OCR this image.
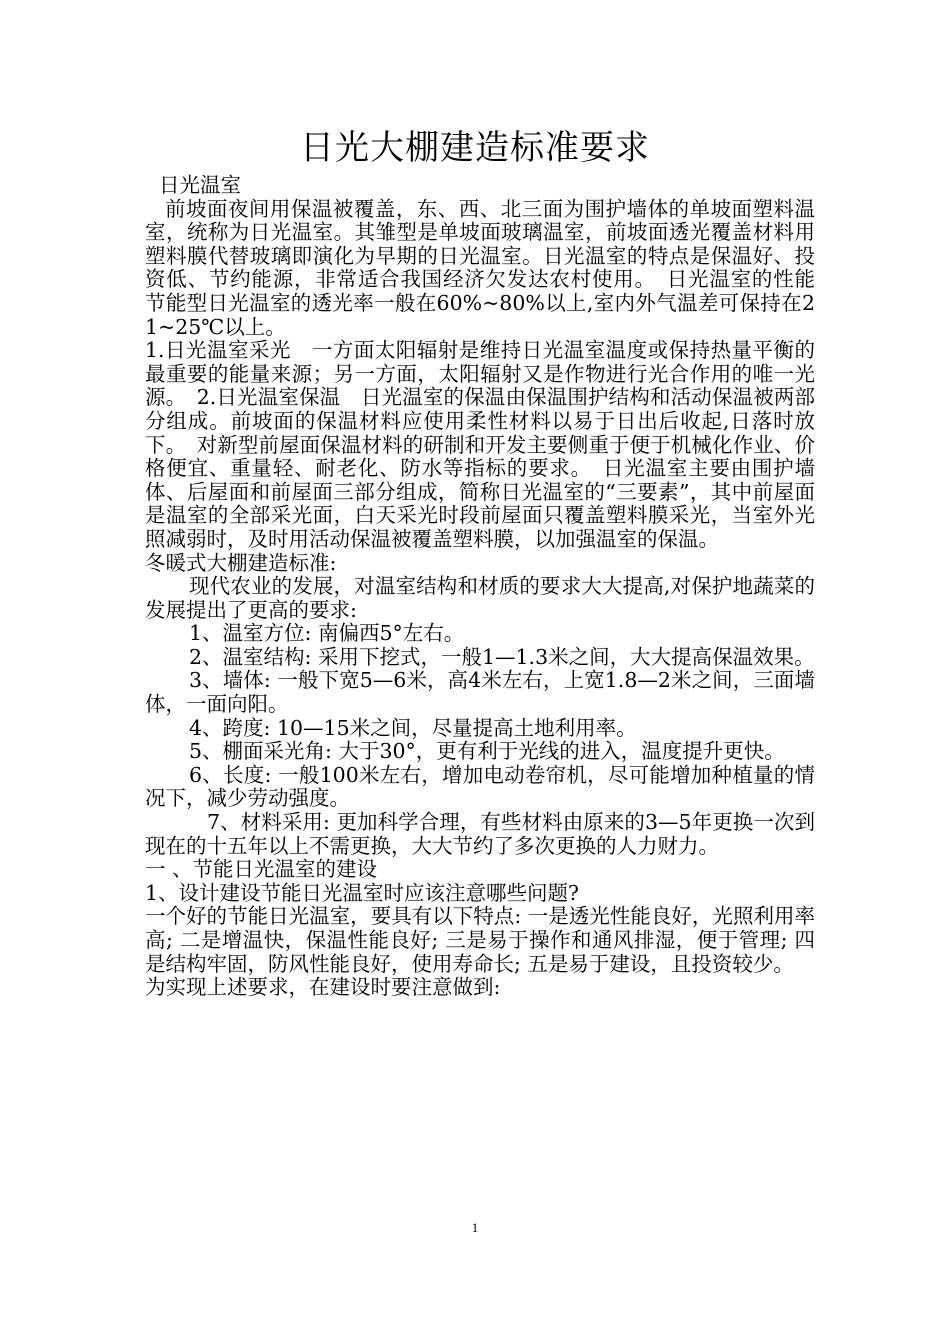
日光大棚建造标准要求

日光温室

前坡面夜间用保温被覆盖，东、西、北三面为围护墙体的单坡面塑料温室，统称为日光温室。其雏型是单坡面玻璃温室，前坡面透光覆盖材料用塑料膜代替玻璃即演化为早期的日光温室。日光温室的特点是保温好、投资低、节约能源，非常适合我国经济欠发达农村使用。　日光温室的性能　节能型日光温室的透光率一般在60%~80%以上,室内外气温差可保持在21~25℃以上。

1.日光温室采光　一方面太阳辐射是维持日光温室温度或保持热量平衡的最重要的能量来源；另一方面，太阳辐射又是作物进行光合作用的唯一光源。　2.日光温室保温　日光温室的保温由保温围护结构和活动保温被两部分组成。前坡面的保温材料应使用柔性材料以易于日出后收起,日落时放下。　对新型前屋面保温材料的研制和开发主要侧重于便于机械化作业、价格便宜、重量轻、耐老化、防水等指标的要求。　日光温室主要由围护墙体、后屋面和前屋面三部分组成，简称日光温室的“三要素”，其中前屋面是温室的全部采光面，白天采光时段前屋面只覆盖塑料膜采光，当室外光照减弱时，及时用活动保温被覆盖塑料膜，以加强温室的保温。

冬暖式大棚建造标准:

现代农业的发展，对温室结构和材质的要求大大提高,对保护地蔬菜的发展提出了更高的要求:

1、温室方位: 南偏西5°左右。

2、温室结构: 采用下挖式，一般1—1.3米之间，大大提高保温效果。

3、墙体: 一般下宽5—6米，高4米左右，上宽1.8—2米之间，三面墙体，一面向阳。

4、跨度: 10—15米之间，尽量提高土地利用率。

5、棚面采光角: 大于30°，更有利于光线的进入，温度提升更快。

6、长度: 一般100米左右，增加电动卷帘机，尽可能增加种植量的情况下，减少劳动强度。

7、材料采用: 更加科学合理，有些材料由原来的3—5年更换一次到现在的十五年以上不需更换，大大节约了多次更换的人力财力。

一 、节能日光温室的建设

1、设计建设节能日光温室时应该注意哪些问题?

一个好的节能日光温室，要具有以下特点: 一是透光性能良好，光照利用率高; 二是增温快，保温性能良好; 三是易于操作和通风排湿，便于管理; 四是结构牢固，防风性能良好，使用寿命长; 五是易于建设，且投资较少。

为实现上述要求，在建设时要注意做到:

1
